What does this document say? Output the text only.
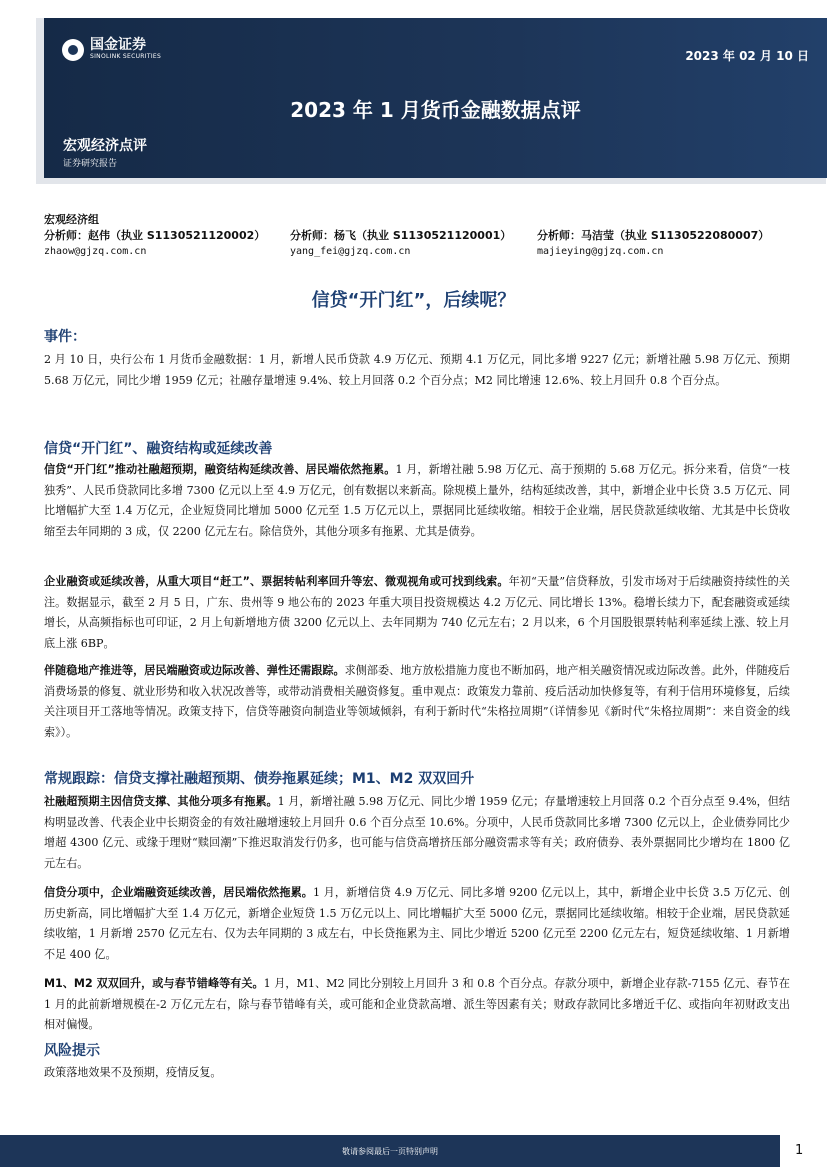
国金证券
SINOLINK SECURITIES	2023 年 02 月 10 日
2023 年 1 月货币金融数据点评
宏观经济点评
证券研究报告
宏观经济组
分析师：赵伟（执业 S1130521120002）
zhaow@gjzq.com.cn
分析师：杨飞（执业 S1130521120001）
yang_fei@gjzq.com.cn
分析师：马洁莹（执业 S1130522080007）
majieying@gjzq.com.cn
信贷“开门红”，后续呢？
事件：
2 月 10 日，央行公布 1 月货币金融数据：1 月，新增人民币贷款 4.9 万亿元、预期 4.1 万亿元，同比多增 9227 亿元；新增社融 5.98 万亿元、预期 5.68 万亿元，同比少增 1959 亿元；社融存量增速 9.4%、较上月回落 0.2 个百分点；M2 同比增速 12.6%、较上月回升 0.8 个百分点。
信贷“开门红”、融资结构或延续改善
信贷“开门红”推动社融超预期，融资结构延续改善、居民端依然拖累。1 月，新增社融 5.98 万亿元、高于预期的 5.68 万亿元。拆分来看，信贷“一枝独秀”、人民币贷款同比多增 7300 亿元以上至 4.9 万亿元，创有数据以来新高。除规模上量外，结构延续改善，其中，新增企业中长贷 3.5 万亿元、同比增幅扩大至 1.4 万亿元，企业短贷同比增加 5000 亿元至 1.5 万亿元以上，票据同比延续收缩。相较于企业端，居民贷款延续收缩、尤其是中长贷收缩至去年同期的 3 成，仅 2200 亿元左右。除信贷外，其他分项多有拖累、尤其是债券。
企业融资或延续改善，从重大项目“赶工”、票据转帖利率回升等宏、微观视角或可找到线索。年初“天量”信贷释放，引发市场对于后续融资持续性的关注。数据显示，截至 2 月 5 日，广东、贵州等 9 地公布的 2023 年重大项目投资规模达 4.2 万亿元、同比增长 13%。稳增长续力下，配套融资或延续增长，从高频指标也可印证，2 月上旬新增地方债 3200 亿元以上、去年同期为 740 亿元左右；2 月以来，6 个月国股银票转帖利率延续上涨、较上月底上涨 6BP。
伴随稳地产推进等，居民端融资或边际改善、弹性还需跟踪。求侧部委、地方放松措施力度也不断加码，地产相关融资情况或边际改善。此外，伴随疫后消费场景的修复、就业形势和收入状况改善等，或带动消费相关融资修复。重申观点：政策发力靠前、疫后活动加快修复等，有利于信用环境修复，后续关注项目开工落地等情况。政策支持下，信贷等融资向制造业等领域倾斜，有利于新时代“朱格拉周期”（详情参见《新时代“朱格拉周期”：来自资金的线索》）。
常规跟踪：信贷支撑社融超预期、债券拖累延续；M1、M2 双双回升
社融超预期主因信贷支撑、其他分项多有拖累。1 月，新增社融 5.98 万亿元、同比少增 1959 亿元；存量增速较上月回落 0.2 个百分点至 9.4%，但结构明显改善、代表企业中长期资金的有效社融增速较上月回升 0.6 个百分点至 10.6%。分项中，人民币贷款同比多增 7300 亿元以上，企业债券同比少增超 4300 亿元、或缘于理财“赎回潮”下推迟取消发行仍多，也可能与信贷高增挤压部分融资需求等有关；政府债券、表外票据同比少增均在 1800 亿元左右。
信贷分项中，企业端融资延续改善，居民端依然拖累。1 月，新增信贷 4.9 万亿元、同比多增 9200 亿元以上，其中，新增企业中长贷 3.5 万亿元、创历史新高，同比增幅扩大至 1.4 万亿元，新增企业短贷 1.5 万亿元以上、同比增幅扩大至 5000 亿元，票据同比延续收缩。相较于企业端，居民贷款延续收缩，1 月新增 2570 亿元左右、仅为去年同期的 3 成左右，中长贷拖累为主、同比少增近 5200 亿元至 2200 亿元左右，短贷延续收缩、1 月新增不足 400 亿。
M1、M2 双双回升，或与春节错峰等有关。1 月，M1、M2 同比分别较上月回升 3 和 0.8 个百分点。存款分项中，新增企业存款-7155 亿元、春节在 1 月的此前新增规模在-2 万亿元左右，除与春节错峰有关，或可能和企业贷款高增、派生等因素有关；财政存款同比多增近千亿、或指向年初财政支出相对偏慢。
风险提示
政策落地效果不及预期，疫情反复。
敬请参阅最后一页特别声明	1
